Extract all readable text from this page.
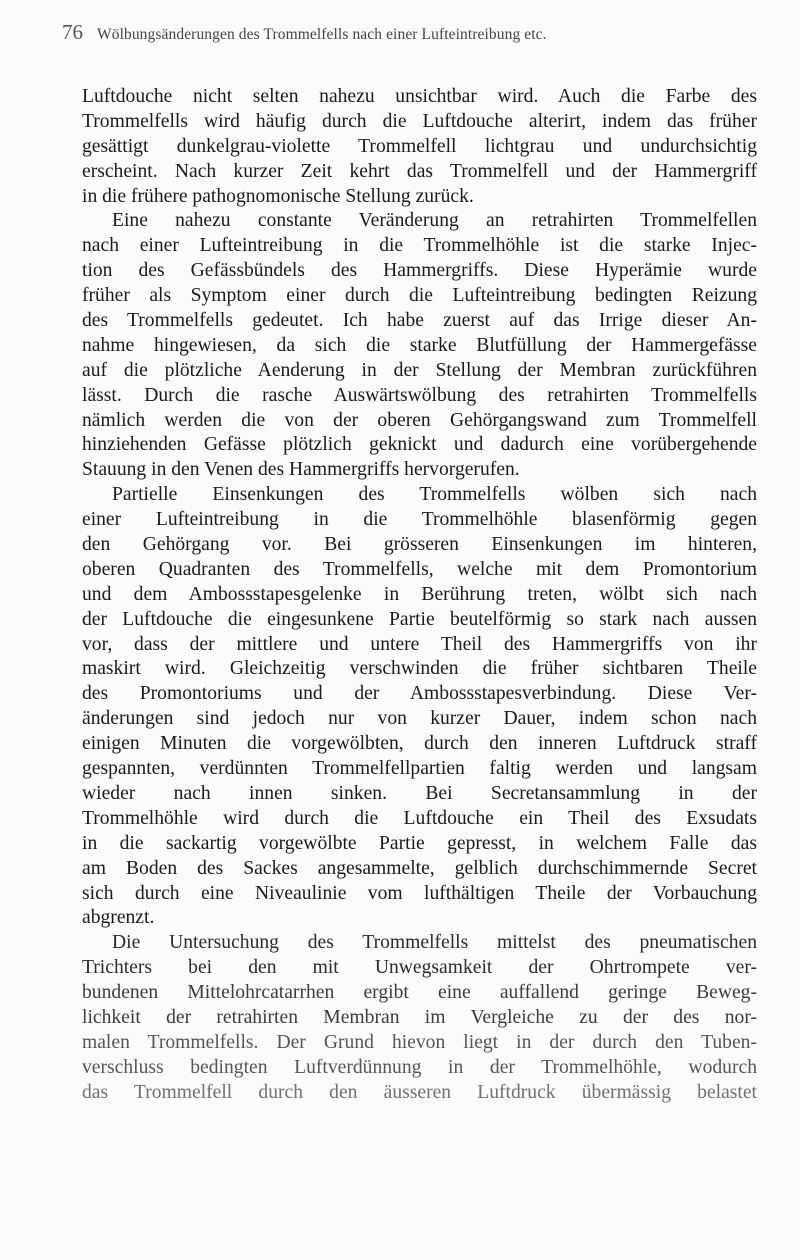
76 Wölbungsänderungen des Trommelfells nach einer Lufteintreibung etc.
Luftdouche nicht selten nahezu unsichtbar wird. Auch die Farbe des
Trommelfells wird häufig durch die Luftdouche alterirt, indem das früher
gesättigt dunkelgrau-violette Trommelfell lichtgrau und undurchsichtig
erscheint. Nach kurzer Zeit kehrt das Trommelfell und der Hammergriff
in die frühere pathognomonische Stellung zurück.
Eine nahezu constante Veränderung an retrahirten Trommelfellen
nach einer Lufteintreibung in die Trommelhöhle ist die starke Injec-
tion des Gefässbündels des Hammergriffs. Diese Hyperämie wurde
früher als Symptom einer durch die Lufteintreibung bedingten Reizung
des Trommelfells gedeutet. Ich habe zuerst auf das Irrige dieser An-
nahme hingewiesen, da sich die starke Blutfüllung der Hammergefässe
auf die plötzliche Aenderung in der Stellung der Membran zurückführen
lässt. Durch die rasche Auswärtswölbung des retrahirten Trommelfells
nämlich werden die von der oberen Gehörgangswand zum Trommelfell
hinziehenden Gefässe plötzlich geknickt und dadurch eine vorübergehende
Stauung in den Venen des Hammergriffs hervorgerufen.
Partielle Einsenkungen des Trommelfells wölben sich nach
einer Lufteintreibung in die Trommelhöhle blasenförmig gegen
den Gehörgang vor. Bei grösseren Einsenkungen im hinteren,
oberen Quadranten des Trommelfells, welche mit dem Promontorium
und dem Ambossstapesgelenke in Berührung treten, wölbt sich nach
der Luftdouche die eingesunkene Partie beutelförmig so stark nach aussen
vor, dass der mittlere und untere Theil des Hammergriffs von ihr
maskirt wird. Gleichzeitig verschwinden die früher sichtbaren Theile
des Promontoriums und der Ambossstapesverbindung. Diese Ver-
änderungen sind jedoch nur von kurzer Dauer, indem schon nach
einigen Minuten die vorgewölbten, durch den inneren Luftdruck straff
gespannten, verdünnten Trommelfellpartien faltig werden und langsam
wieder nach innen sinken. Bei Secretansammlung in der
Trommelhöhle wird durch die Luftdouche ein Theil des Exsudats
in die sackartig vorgewölbte Partie gepresst, in welchem Falle das
am Boden des Sackes angesammelte, gelblich durchschimmernde Secret
sich durch eine Niveaulinie vom lufthältigen Theile der Vorbauchung
abgrenzt.
Die Untersuchung des Trommelfells mittelst des pneumatischen
Trichters bei den mit Unwegsamkeit der Ohrtrompete ver-
bundenen Mittelohrcatarrhen ergibt eine auffallend geringe Beweg-
lichkeit der retrahirten Membran im Vergleiche zu der des nor-
malen Trommelfells. Der Grund hievon liegt in der durch den Tuben-
verschluss bedingten Luftverdünnung in der Trommelhöhle, wodurch
das Trommelfell durch den äusseren Luftdruck übermässig belastet
